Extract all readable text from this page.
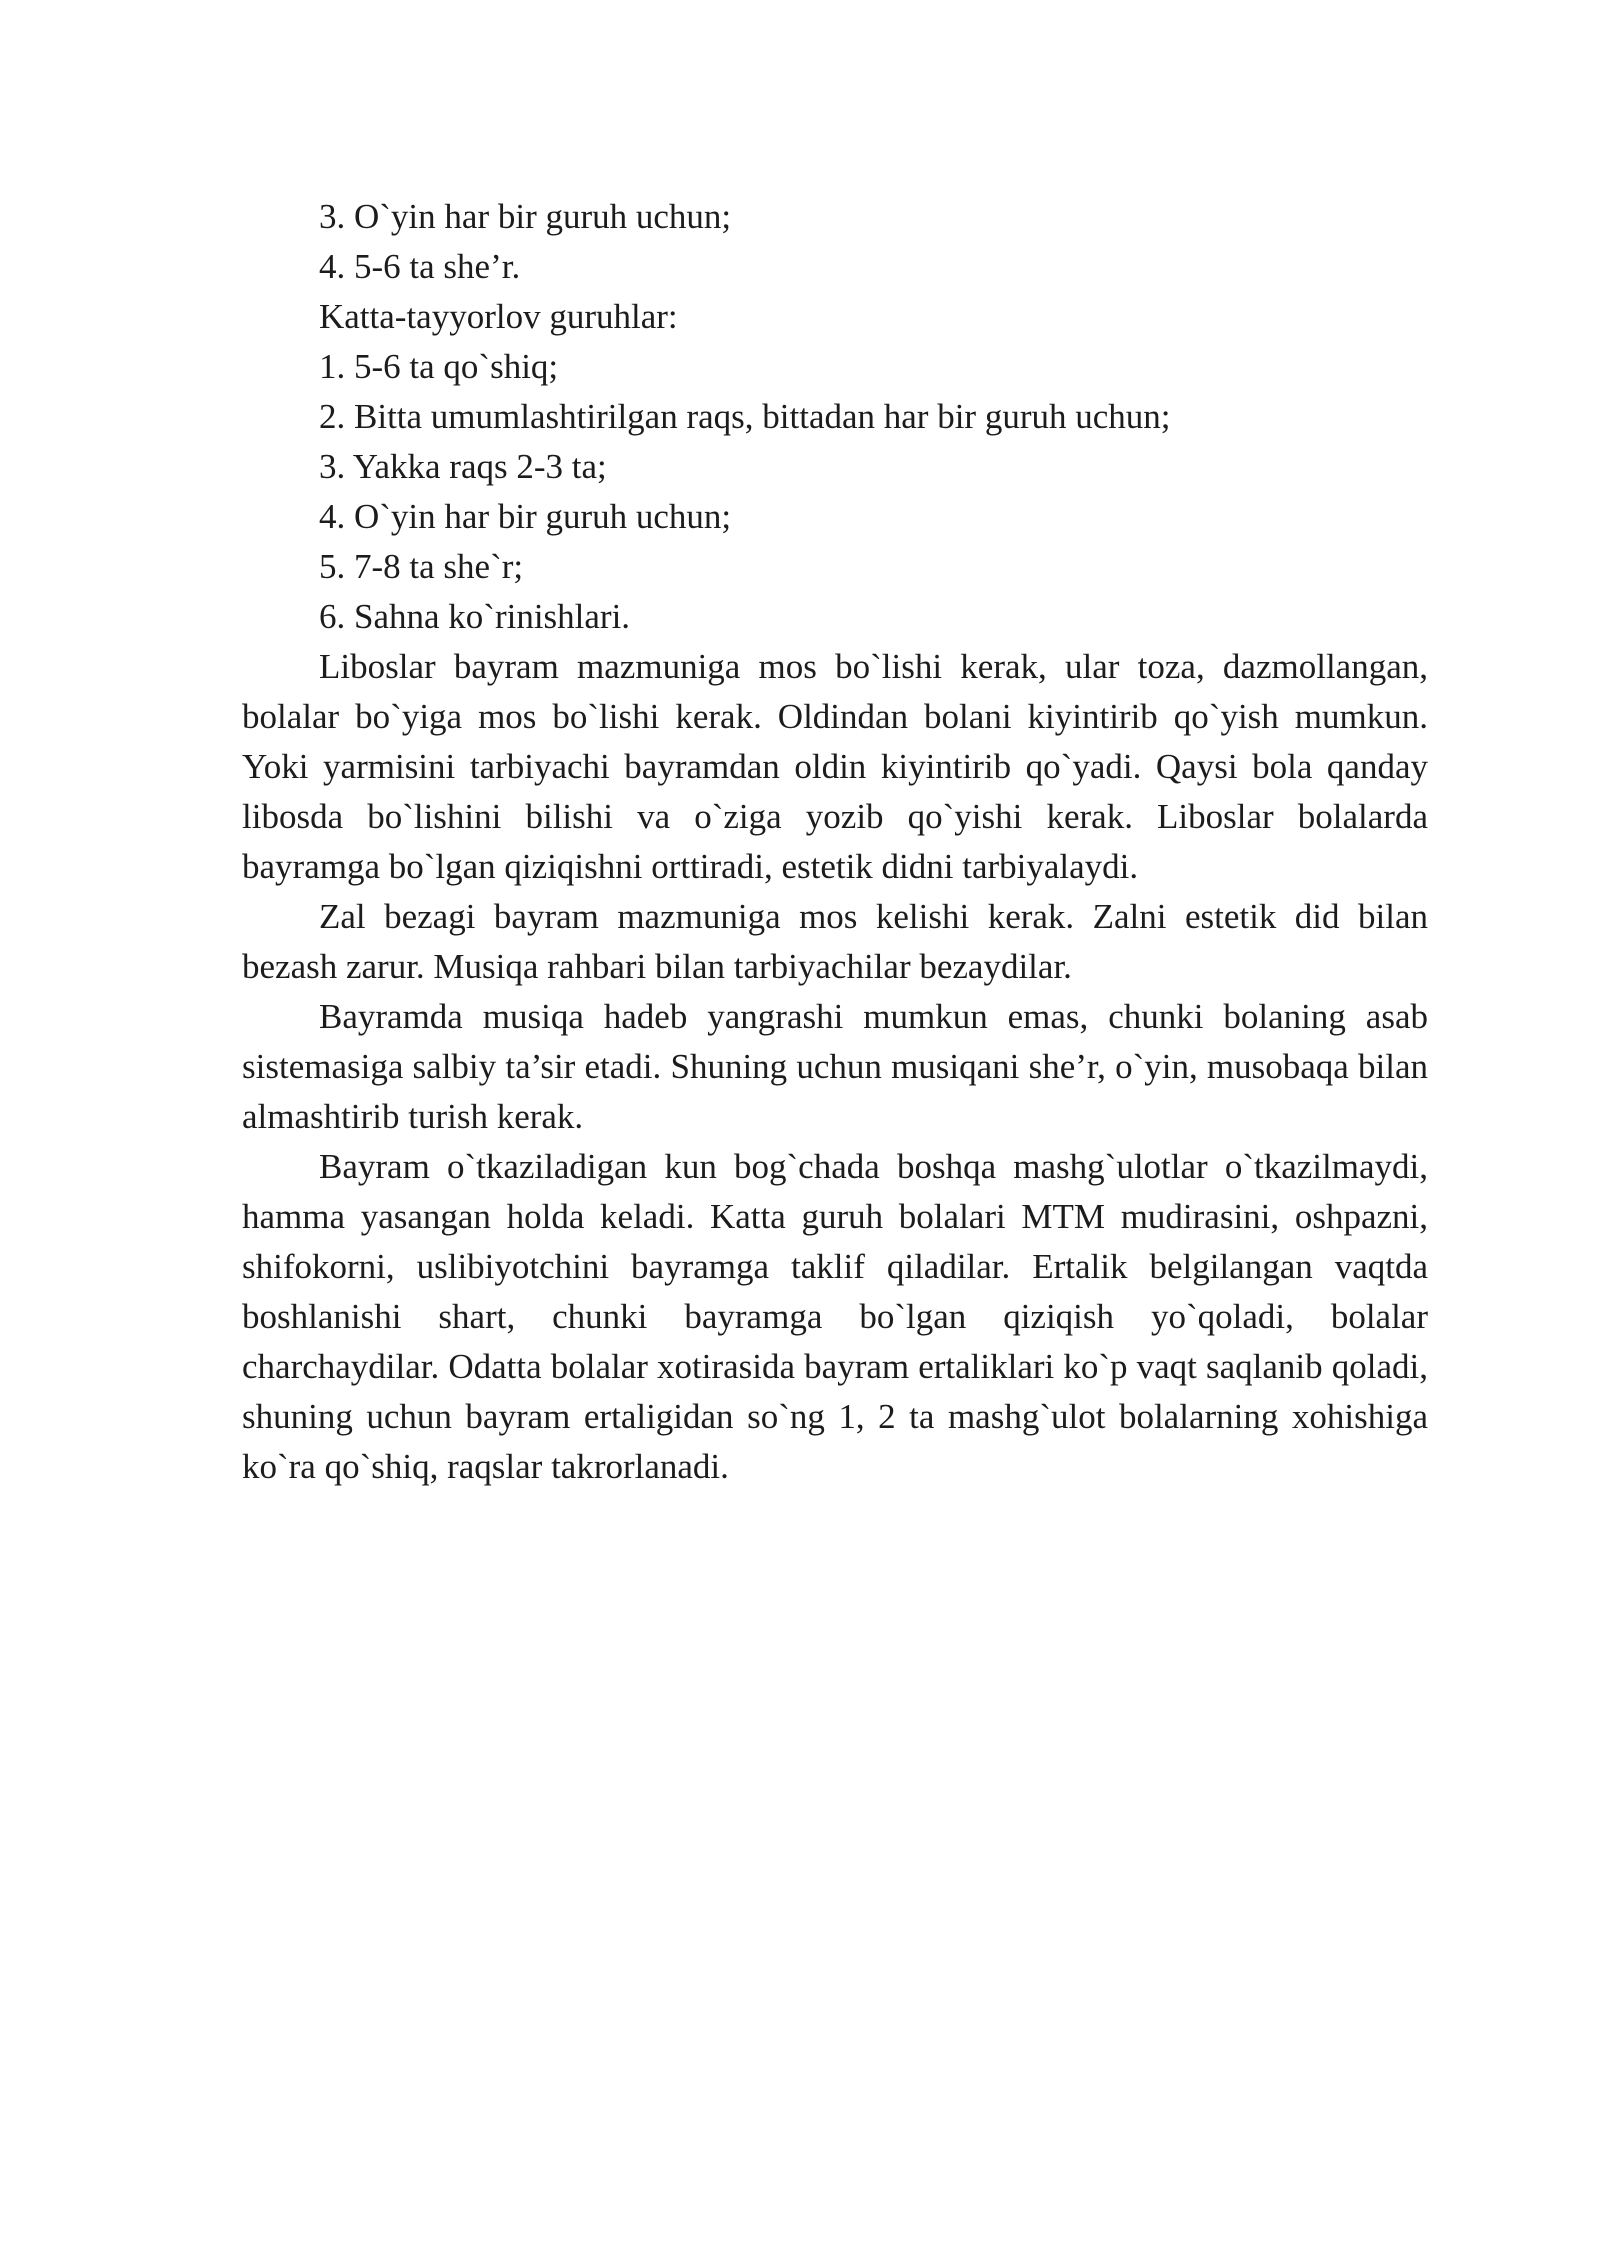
3. O`yin har bir guruh uchun;

4. 5-6 ta she’r.

Katta-tayyorlov guruhlar:

1. 5-6 ta qo`shiq;

2. Bitta umumlashtirilgan raqs, bittadan har bir guruh uchun;

3. Yakka raqs 2-3 ta;

4. O`yin har bir guruh uchun;

5. 7-8 ta she`r;

6. Sahna ko`rinishlari.

Liboslar bayram mazmuniga mos bo`lishi kerak, ular toza, dazmollangan, bolalar bo`yiga mos bo`lishi kerak. Oldindan bolani kiyintirib qo`yish mumkun. Yoki yarmisini tarbiyachi bayramdan oldin kiyintirib qo`yadi. Qaysi bola qanday libosda bo`lishini bilishi va o`ziga yozib qo`yishi kerak. Liboslar bolalarda bayramga bo`lgan qiziqishni orttiradi, estetik didni tarbiyalaydi.

Zal bezagi bayram mazmuniga mos kelishi kerak. Zalni estetik did bilan bezash zarur. Musiqa rahbari bilan tarbiyachilar bezaydilar.

Bayramda musiqa hadeb yangrashi mumkun emas, chunki bolaning asab sistemasiga salbiy ta’sir etadi. Shuning uchun musiqani she’r, o`yin, musobaqa bilan almashtirib turish kerak.

Bayram o`tkaziladigan kun bog`chada boshqa mashg`ulotlar o`tkazilmaydi, hamma yasangan holda keladi. Katta guruh bolalari MTM mudirasini, oshpazni, shifokorni, uslibiyotchini bayramga taklif qiladilar. Ertalik belgilangan vaqtda boshlanishi shart, chunki bayramga bo`lgan qiziqish yo`qoladi, bolalar charchaydilar. Odatta bolalar xotirasida bayram ertaliklari ko`p vaqt saqlanib qoladi, shuning uchun bayram ertaligidan so`ng 1, 2 ta mashg`ulot bolalarning xohishiga ko`ra qo`shiq, raqslar takrorlanadi.
